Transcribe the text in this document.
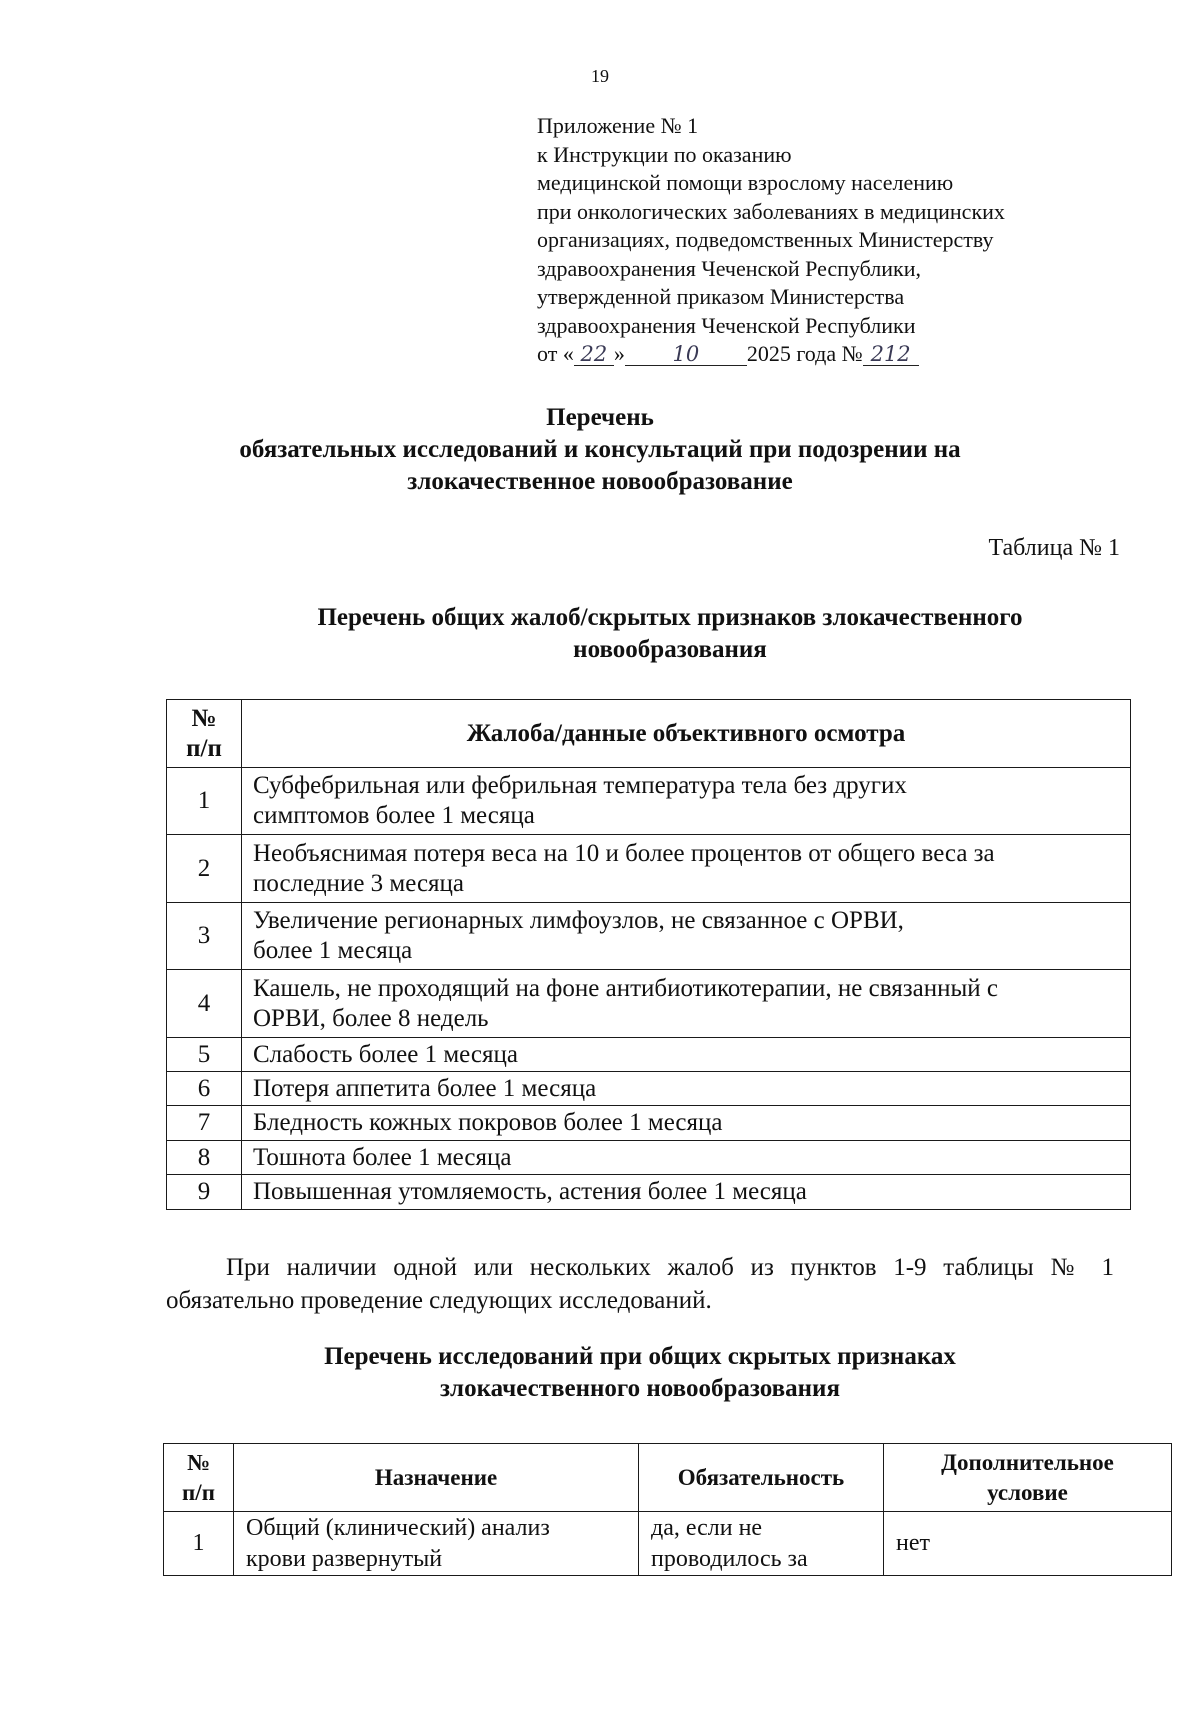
19
Приложение № 1
к Инструкции по оказанию
медицинской помощи взрослому населению
при онкологических заболеваниях в медицинских
организациях, подведомственных Министерству
здравоохранения Чеченской Республики,
утвержденной приказом Министерства
здравоохранения Чеченской Республики
от « 22 » 10 2025 года № 212
Перечень
обязательных исследований и консультаций при подозрении на
злокачественное новообразование
Таблица № 1
Перечень общих жалоб/скрытых признаков злокачественного
новообразования
№
п/п	Жалоба/данные объективного осмотра
1	Субфебрильная или фебрильная температура тела без других
симптомов более 1 месяца
2	Необъяснимая потеря веса на 10 и более процентов от общего веса за
последние 3 месяца
3	Увеличение регионарных лимфоузлов, не связанное с ОРВИ,
более 1 месяца
4	Кашель, не проходящий на фоне антибиотикотерапии, не связанный с
ОРВИ, более 8 недель
5	Слабость более 1 месяца
6	Потеря аппетита более 1 месяца
7	Бледность кожных покровов более 1 месяца
8	Тошнота более 1 месяца
9	Повышенная утомляемость, астения более 1 месяца
При наличии одной или нескольких жалоб из пунктов 1-9 таблицы № 1 обязательно проведение следующих исследований.
Перечень исследований при общих скрытых признаках
злокачественного новообразования
№
п/п	Назначение	Обязательность	Дополнительное
условие
1	Общий (клинический) анализ
крови развернутый	да, если не
проводилось за	нет
